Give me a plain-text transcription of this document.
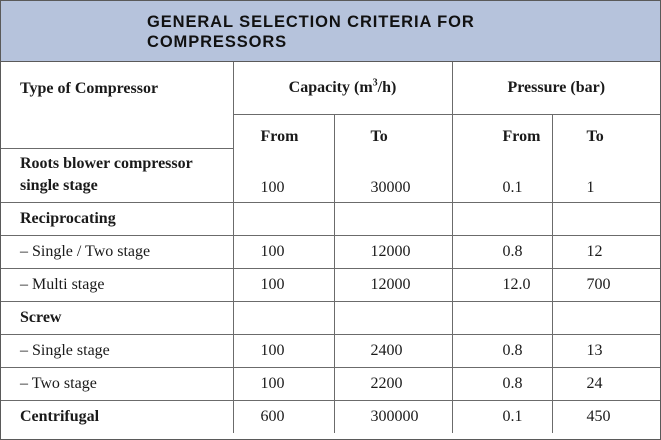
GENERAL SELECTION CRITERIA FOR
COMPRESSORS
Type of Compressor	Capacity $(m^3/h)$		Pressure (bar)	
	From	To	From	To
Roots blower compressor
single stage	100	30000	0.1	1
Reciprocating				
– Single / Two stage	100	12000	0.8	12
– Multi stage	100	12000	12.0	700
Screw				
– Single stage	100	2400	0.8	13
– Two stage	100	2200	0.8	24
Centrifugal	600	300000	0.1	450
